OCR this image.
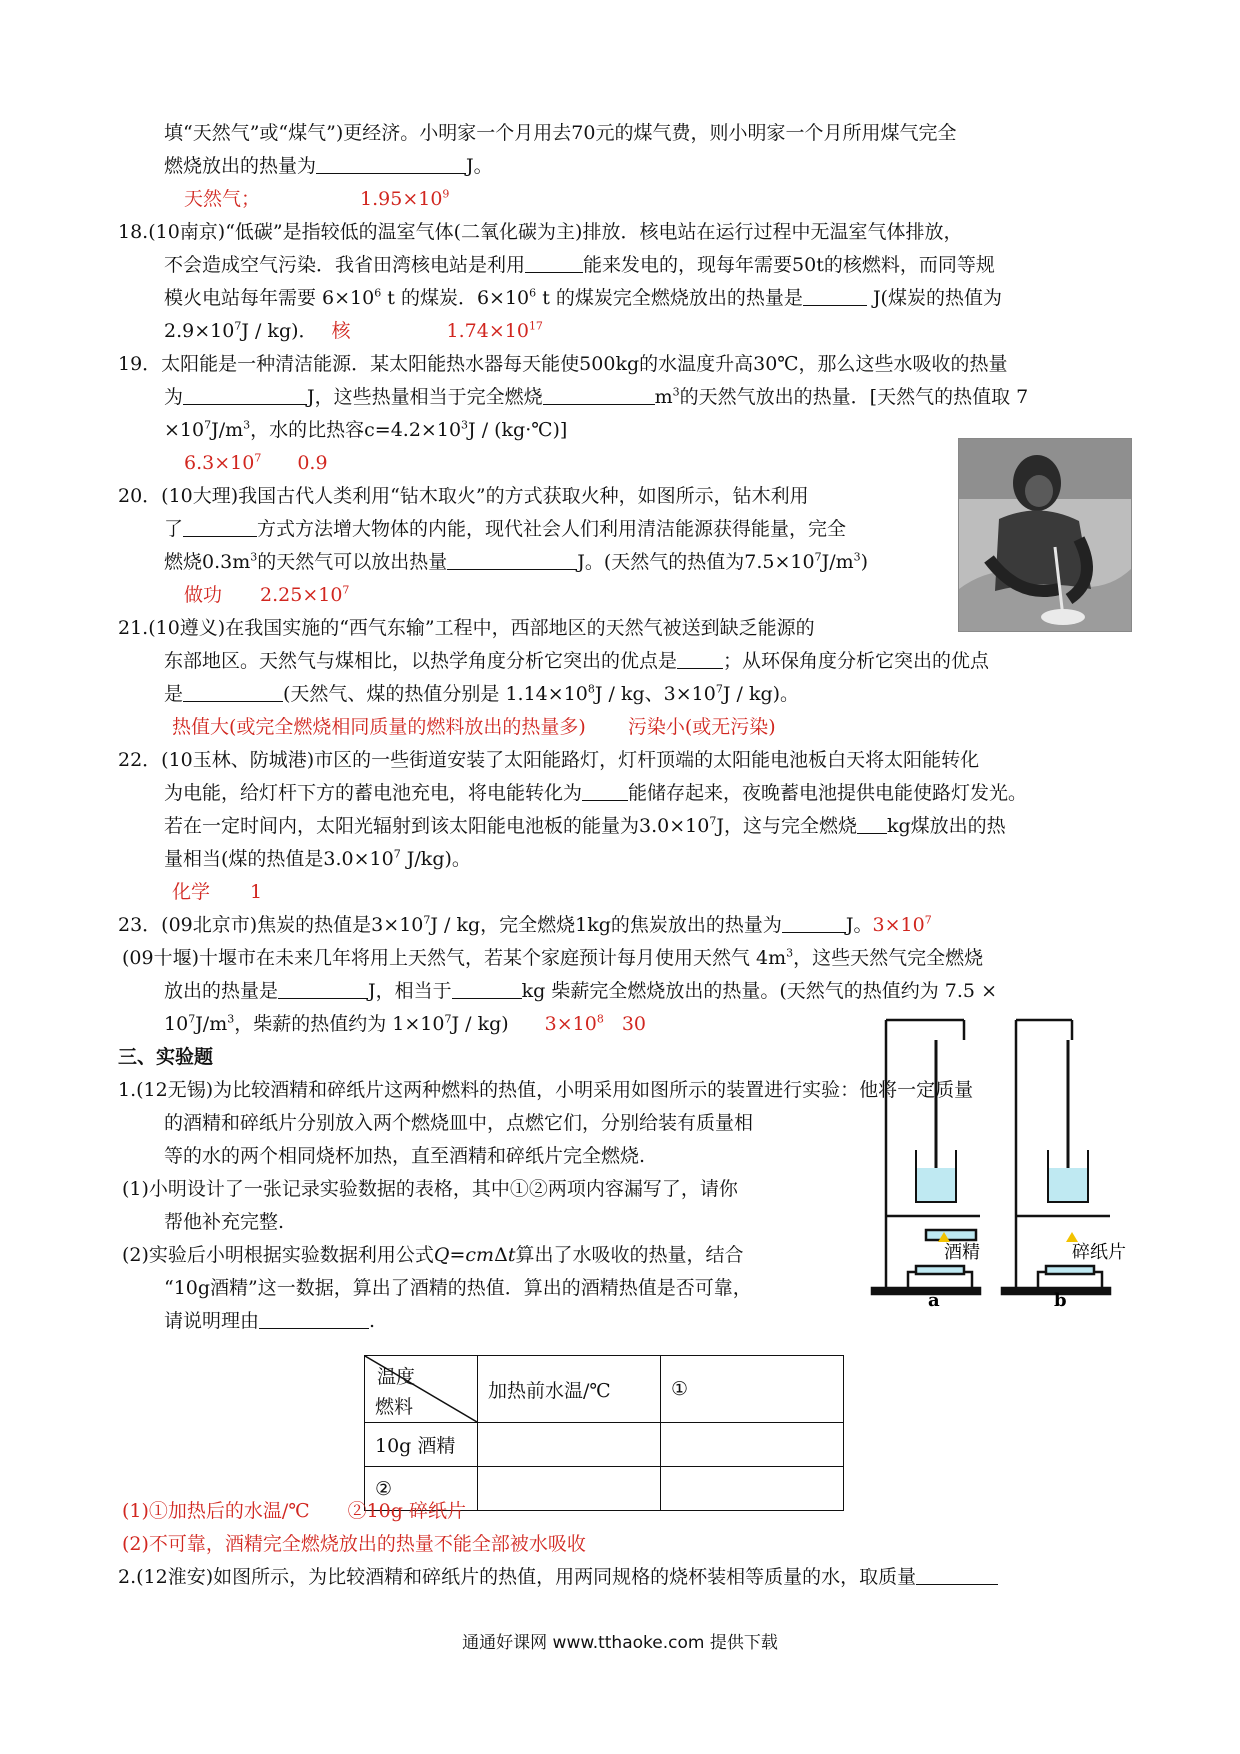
填“天然气”或“煤气”)更经济。小明家一个月用去70元的煤气费，则小明家一个月所用煤气完全
燃烧放出的热量为	J。
天然气；	$1.95\times 10^9$
18.(10南京)“低碳”是指较低的温室气体(二氧化碳为主)排放．核电站在运行过程中无温室气体排放，
不会造成空气污染．我省田湾核电站是利用	能来发电的，现每年需要50t的核燃料，而同等规
模火电站每年需要 $6\times 10^6$ t 的煤炭．$6\times 10^6$ t 的煤炭完全燃烧放出的热量是	J(煤炭的热值为
$2.9\times 10^7J / kg$)． 核	$1.74\times 10^{17}$
19．太阳能是一种清洁能源．某太阳能热水器每天能使500kg的水温度升高30℃，那么这些水吸收的热量
为	J，这些热量相当于完全燃烧	$m^3$的天然气放出的热量．[天然气的热值取 7
$\times 10^7J/m^3$，水的比热容$c=4.2\times 10^3J$ / (kg·℃)]
$6.3\times 10^7$ 0.9
20．(10大理)我国古代人类利用“钻木取火”的方式获取火种，如图所示，钻木利用
了	方式方法增大物体的内能，现代社会人们利用清洁能源获得能量，完全
燃烧$0.3m^3$的天然气可以放出热量	J。(天然气的热值为$7.5\times 10^7J/m^3$)
做功 $2.25\times 10^7$
21.(10遵义)在我国实施的“西气东输”工程中，西部地区的天然气被送到缺乏能源的
东部地区。天然气与煤相比，以热学角度分析它突出的优点是 ；从环保角度分析它突出的优点
是	(天然气、煤的热值分别是 $1.14\times 10^8J$ / kg、$3\times 10^7J / kg$)。
热值大(或完全燃烧相同质量的燃料放出的热量多) 污染小(或无污染)
22．(10玉林、防城港)市区的一些街道安装了太阳能路灯，灯杆顶端的太阳能电池板白天将太阳能转化
为电能，给灯杆下方的蓄电池充电，将电能转化为 能储存起来，夜晚蓄电池提供电能使路灯发光。
若在一定时间内，太阳光辐射到该太阳能电池板的能量为$3.0\times 10^7J$，这与完全燃烧 kg煤放出的热
量相当(煤的热值是$3.0\times 10^7$ J/kg)。
化学 1
23．(09北京市)焦炭的热值是$3\times 10^7J$ / kg，完全燃烧1kg的焦炭放出的热量为	J。$3\times 10^7$
(09十堰)十堰市在未来几年将用上天然气，若某个家庭预计每月使用天然气 $4m^3$，这些天然气完全燃烧
放出的热量是	J，相当于	kg 柴薪完全燃烧放出的热量。(天然气的热值约为 7.5 ×
$10^7J/m^3$，柴薪的热值约为 $1\times 10^7J / kg$) $3\times 10^8$ 30
三、实验题
1.(12无锡)为比较酒精和碎纸片这两种燃料的热值，小明采用如图所示的装置进行实验：他将一定质量
的酒精和碎纸片分别放入两个燃烧皿中，点燃它们，分别给装有质量相
等的水的两个相同烧杯加热，直至酒精和碎纸片完全燃烧.
(1)小明设计了一张记录实验数据的表格，其中①②两项内容漏写了，请你
帮他补充完整.
(2)实验后小明根据实验数据利用公式Q=cmΔt算出了水吸收的热量，结合
“10g酒精”这一数据，算出了酒精的热值．算出的酒精热值是否可靠，
请说明理由	.
酒精
a
碎纸片
b
温度
燃料	加热前水温/℃	①
10g 酒精		
②		
(1)①加热后的水温/℃　　②10g 碎纸片
(2)不可靠，酒精完全燃烧放出的热量不能全部被水吸收
2.(12淮安)如图所示，为比较酒精和碎纸片的热值，用两同规格的烧杯装相等质量的水，取质量
通通好课网 www.tthaoke.com 提供下载
